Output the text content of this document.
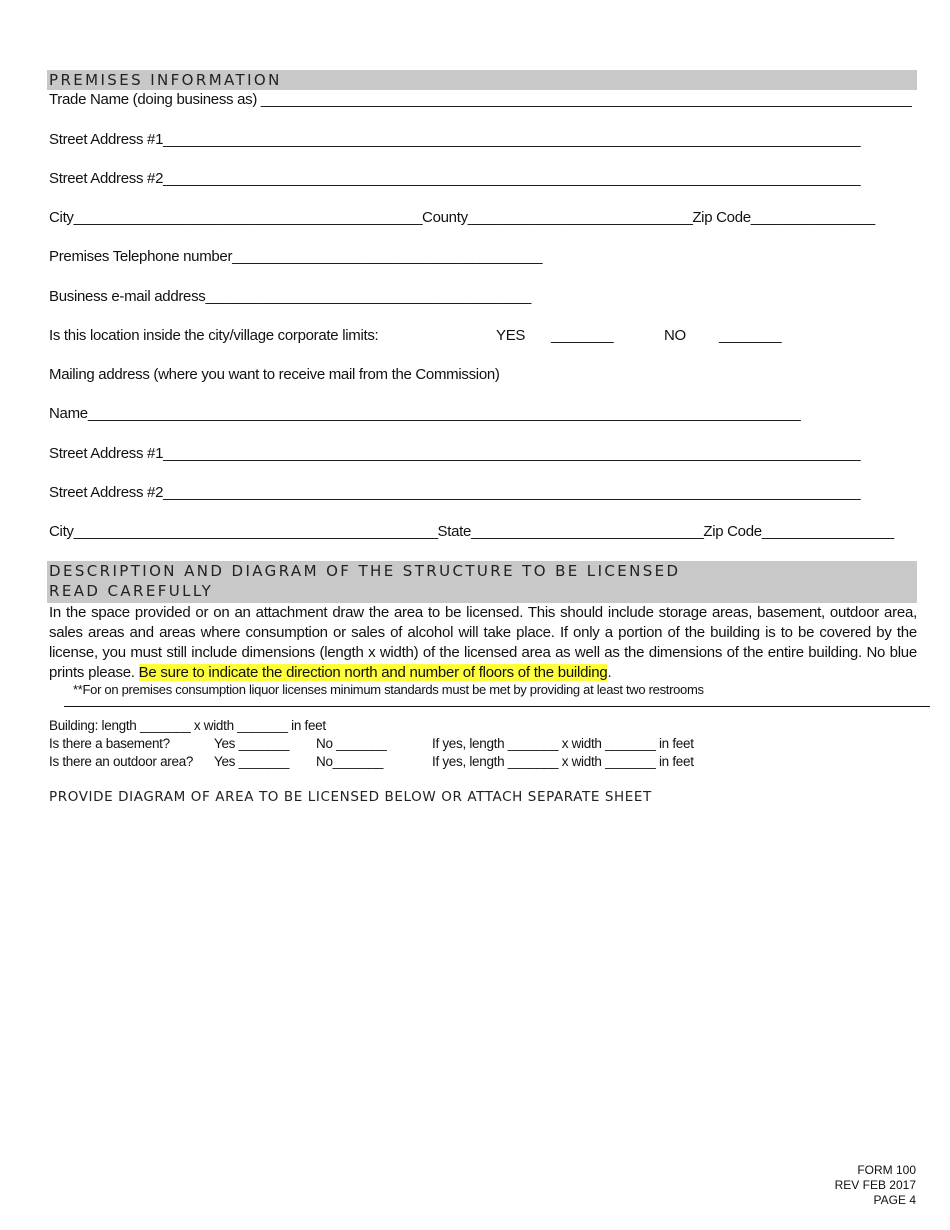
PREMISES INFORMATION
Trade Name (doing business as) ____________________________________________________________________________________
Street Address #1__________________________________________________________________________________________
Street Address #2__________________________________________________________________________________________
City_____________________________________________County_____________________________Zip Code________________
Premises Telephone number________________________________________
Business e-mail address__________________________________________
Is this location inside the city/village corporate limits:	YES ________	NO ________
Mailing address (where you want to receive mail from the Commission)
Name____________________________________________________________________________________________
Street Address #1__________________________________________________________________________________________
Street Address #2__________________________________________________________________________________________
City_______________________________________________State______________________________Zip Code_________________
DESCRIPTION AND DIAGRAM OF THE STRUCTURE TO BE LICENSED
READ CAREFULLY
In the space provided or on an attachment draw the area to be licensed. This should include storage areas, basement, outdoor area, sales areas and areas where consumption or sales of alcohol will take place. If only a portion of the building is to be covered by the license, you must still include dimensions (length x width) of the licensed area as well as the dimensions of the entire building. No blue prints please. Be sure to indicate the direction north and number of floors of the building.
**For on premises consumption liquor licenses minimum standards must be met by providing at least two restrooms
Building: length _______ x width _______ in feet
Is there a basement?	Yes _______ No _______	If yes, length _______ x width _______ in feet
Is there an outdoor area? Yes _______ No_______	If yes, length _______ x width _______ in feet
PROVIDE DIAGRAM OF AREA TO BE LICENSED BELOW OR ATTACH SEPARATE SHEET
FORM 100
REV FEB 2017
PAGE 4
